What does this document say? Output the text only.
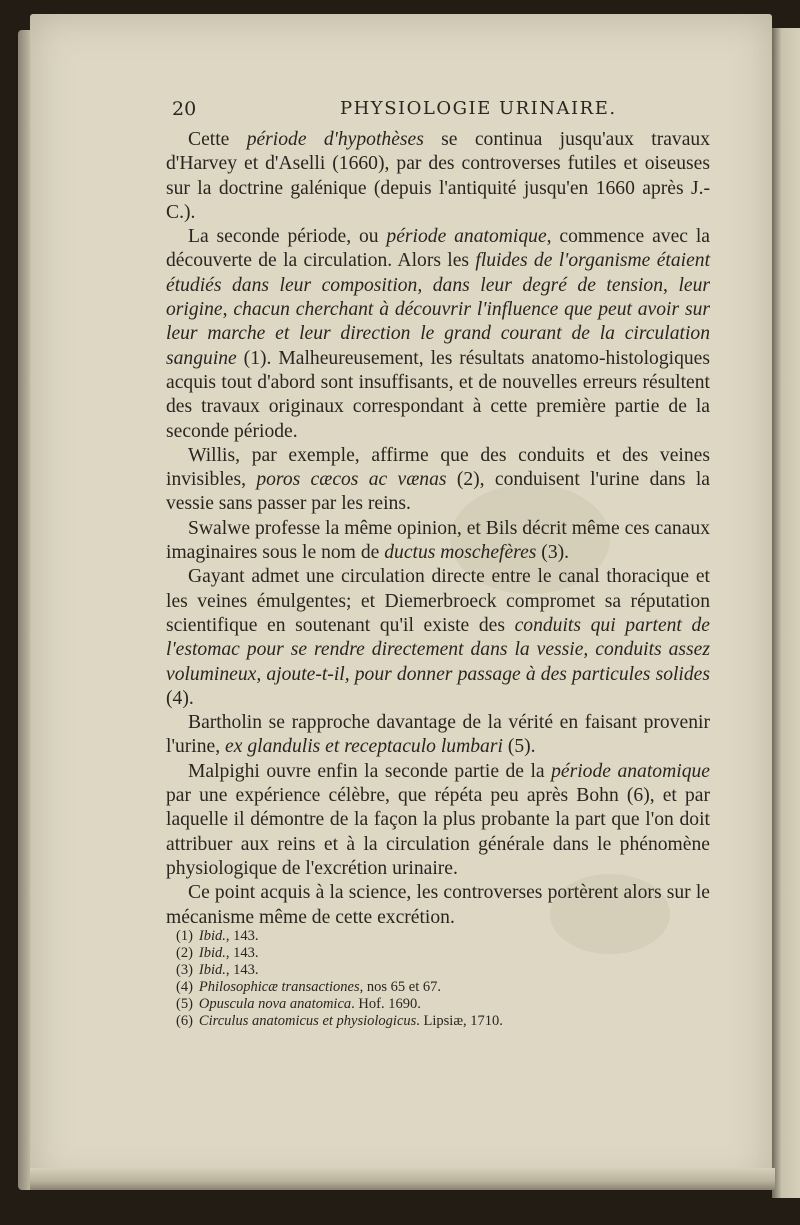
20	PHYSIOLOGIE URINAIRE.

Cette période d'hypothèses se continua jusqu'aux travaux d'Harvey et d'Aselli (1660), par des controverses futiles et oiseuses sur la doctrine galénique (depuis l'antiquité jusqu'en 1660 après J.-C.).

La seconde période, ou période anatomique, commence avec la découverte de la circulation. Alors les fluides de l'organisme étaient étudiés dans leur composition, dans leur degré de tension, leur origine, chacun cherchant à découvrir l'influence que peut avoir sur leur marche et leur direction le grand courant de la circulation sanguine (1). Malheureusement, les résultats anatomo-histologiques acquis tout d'abord sont insuffisants, et de nouvelles erreurs résultent des travaux originaux correspondant à cette première partie de la seconde période.

Willis, par exemple, affirme que des conduits et des veines invisibles, poros cæcos ac vænas (2), conduisent l'urine dans la vessie sans passer par les reins.

Swalwe professe la même opinion, et Bils décrit même ces canaux imaginaires sous le nom de ductus moschefères (3).

Gayant admet une circulation directe entre le canal thoracique et les veines émulgentes; et Diemerbroeck compromet sa réputation scientifique en soutenant qu'il existe des conduits qui partent de l'estomac pour se rendre directement dans la vessie, conduits assez volumineux, ajoute-t-il, pour donner passage à des particules solides (4).

Bartholin se rapproche davantage de la vérité en faisant provenir l'urine, ex glandulis et receptaculo lumbari (5).

Malpighi ouvre enfin la seconde partie de la période anatomique par une expérience célèbre, que répéta peu après Bohn (6), et par laquelle il démontre de la façon la plus probante la part que l'on doit attribuer aux reins et à la circulation générale dans le phénomène physiologique de l'excrétion urinaire.

Ce point acquis à la science, les controverses portèrent alors sur le mécanisme même de cette excrétion.

(1) Ibid., 143.
(2) Ibid., 143.
(3) Ibid., 143.
(4) Philosophicæ transactiones, nos 65 et 67.
(5) Opuscula nova anatomica. Hof. 1690.
(6) Circulus anatomicus et physiologicus. Lipsiæ, 1710.
